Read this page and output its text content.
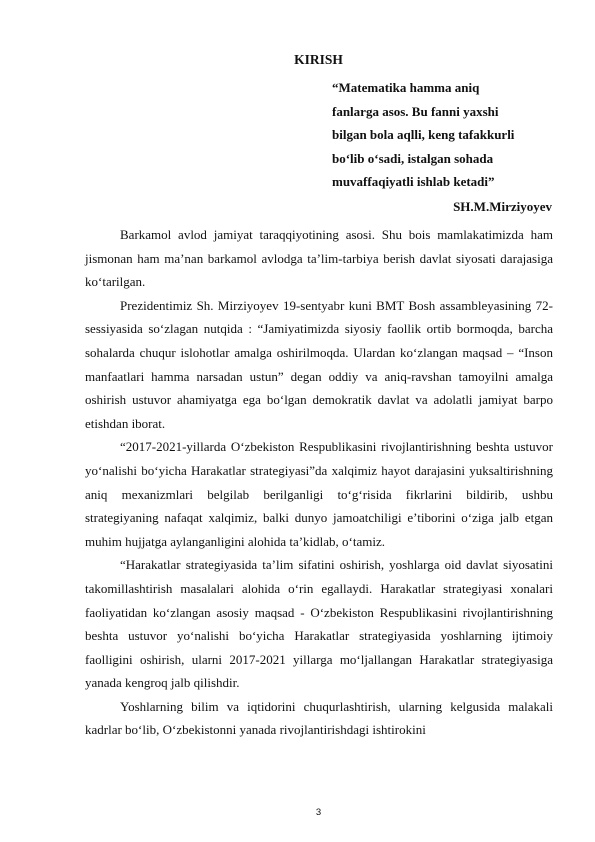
KIRISH
“Matematika hamma aniq
fanlarga asos. Bu fanni yaxshi
bilgan bola aqlli, keng tafakkurli
bo‘lib o‘sadi, istalgan sohada
muvaffaqiyatli ishlab ketadi”
SH.M.Mirziyoyev

Barkamol avlod jamiyat taraqqiyotining asosi. Shu bois mamlakatimizda ham jismonan ham ma’nan barkamol avlodga ta’lim-tarbiya berish davlat siyosati darajasiga ko‘tarilgan.

Prezidentimiz Sh. Mirziyoyev 19-sentyabr kuni BMT Bosh assambleyasining 72-sessiyasida so‘zlagan nutqida : “Jamiyatimizda siyosiy faollik ortib bormoqda, barcha sohalarda chuqur islohotlar amalga oshirilmoqda. Ulardan ko‘zlangan maqsad – “Inson manfaatlari hamma narsadan ustun” degan oddiy va aniq-ravshan tamoyilni amalga oshirish ustuvor ahamiyatga ega bo‘lgan demokratik davlat va adolatli jamiyat barpo etishdan iborat.

“2017-2021-yillarda O‘zbekiston Respublikasini rivojlantirishning beshta ustuvor yo‘nalishi bo‘yicha Harakatlar strategiyasi”da xalqimiz hayot darajasini yuksaltirishning aniq mexanizmlari belgilab berilganligi to‘g‘risida fikrlarini bildirib, ushbu strategiyaning nafaqat xalqimiz, balki dunyo jamoatchiligi e’tiborini o‘ziga jalb etgan muhim hujjatga aylanganligini alohida ta’kidlab, o‘tamiz.

“Harakatlar strategiyasida ta’lim sifatini oshirish, yoshlarga oid davlat siyosatini takomillashtirish masalalari alohida o‘rin egallaydi. Harakatlar strategiyasi xonalari faoliyatidan ko‘zlangan asosiy maqsad - O‘zbekiston Respublikasini rivojlantirishning beshta ustuvor yo‘nalishi bo‘yicha Harakatlar strategiyasida yoshlarning ijtimoiy faolligini oshirish, ularni 2017-2021 yillarga mo‘ljallangan Harakatlar strategiyasiga yanada kengroq jalb qilishdir.

Yoshlarning bilim va iqtidorini chuqurlashtirish, ularning kelgusida malakali kadrlar bo‘lib, O‘zbekistonni yanada rivojlantirishdagi ishtirokini

3
